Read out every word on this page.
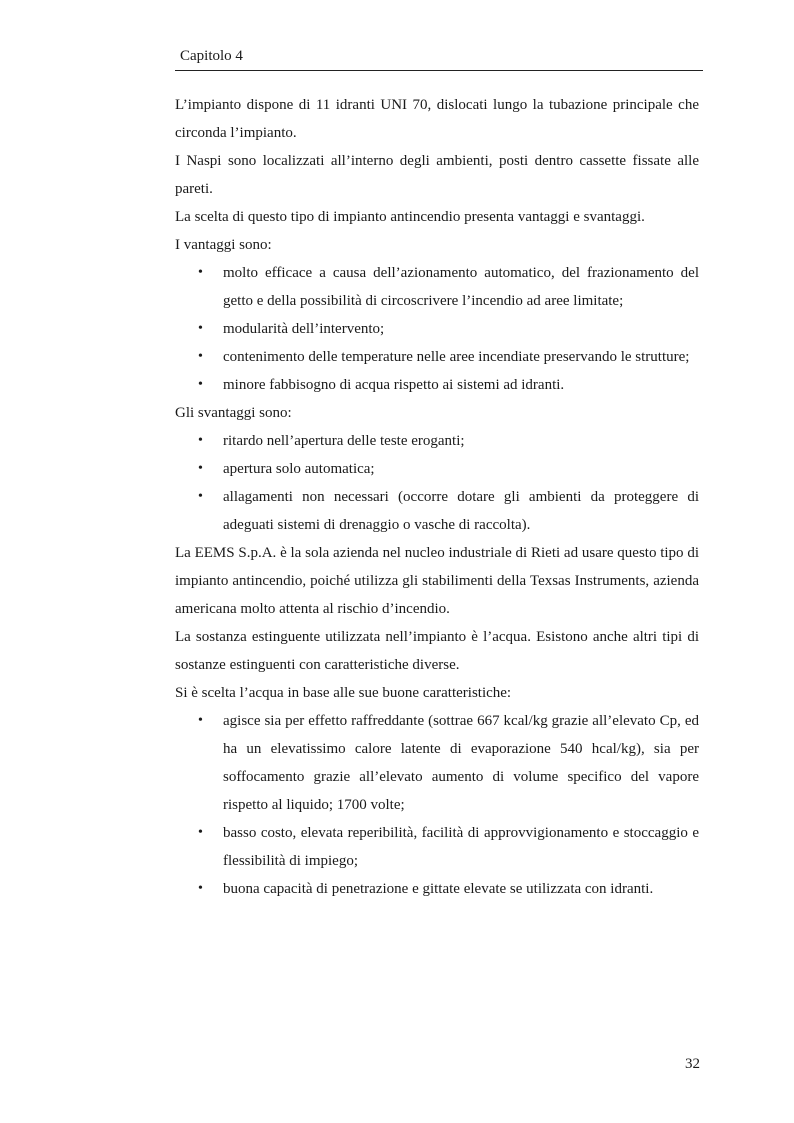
Capitolo 4

L’impianto dispone di 11 idranti UNI 70, dislocati lungo la tubazione principale che circonda l’impianto.

I Naspi sono localizzati all’interno degli ambienti, posti dentro cassette fissate alle pareti.

La scelta di questo tipo di impianto antincendio presenta vantaggi e svantaggi.

I vantaggi sono:

• molto efficace a causa dell’azionamento automatico, del frazionamento del getto e della possibilità di circoscrivere l’incendio ad aree limitate;
• modularità dell’intervento;
• contenimento delle temperature nelle aree incendiate preservando le strutture;
• minore fabbisogno di acqua rispetto ai sistemi ad idranti.

Gli svantaggi sono:

• ritardo nell’apertura delle teste eroganti;
• apertura solo automatica;
• allagamenti non necessari (occorre dotare gli ambienti da proteggere di adeguati sistemi di drenaggio o vasche di raccolta).

La EEMS S.p.A. è la sola azienda nel nucleo industriale di Rieti ad usare questo tipo di impianto antincendio, poiché utilizza gli stabilimenti della Texsas Instruments, azienda americana molto attenta al rischio d’incendio.

La sostanza estinguente utilizzata nell’impianto è l’acqua. Esistono anche altri tipi di sostanze estinguenti con caratteristiche diverse.

Si è scelta l’acqua in base alle sue buone caratteristiche:

• agisce sia per effetto raffreddante (sottrae 667 kcal/kg grazie all’elevato Cp, ed ha un elevatissimo calore latente di evaporazione 540 hcal/kg), sia per soffocamento grazie all’elevato aumento di volume specifico del vapore rispetto al liquido; 1700 volte;
• basso costo, elevata reperibilità, facilità di approvvigionamento e stoccaggio e flessibilità di impiego;
• buona capacità di penetrazione e gittate elevate se utilizzata con idranti.
32
